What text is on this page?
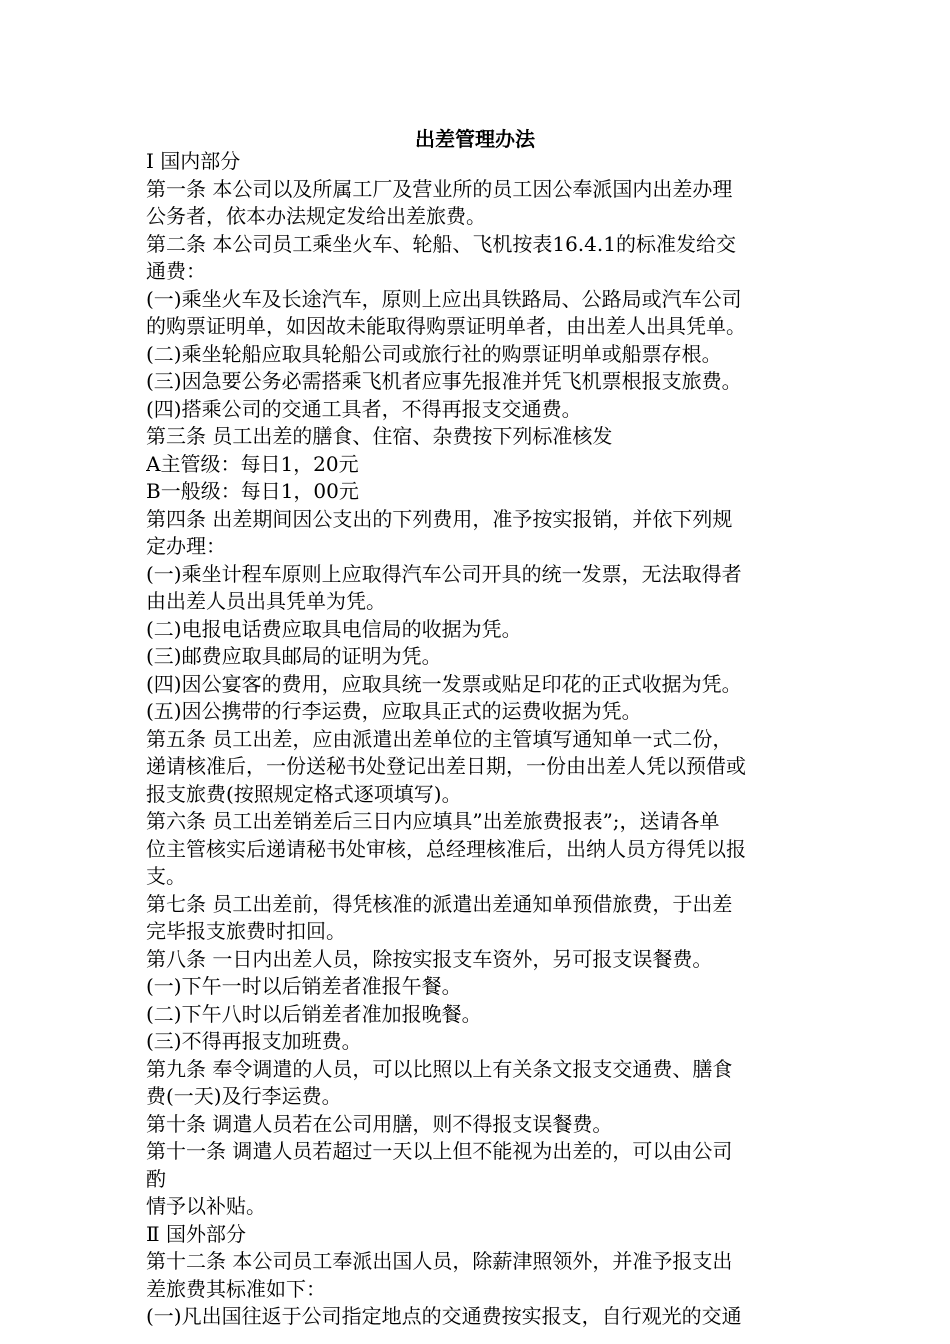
出差管理办法
Ⅰ 国内部分
第一条 本公司以及所属工厂及营业所的员工因公奉派国内出差办理
公务者，依本办法规定发给出差旅费。
第二条 本公司员工乘坐火车、轮船、飞机按表16.4.1的标准发给交
通费：
(一)乘坐火车及长途汽车，原则上应出具铁路局、公路局或汽车公司
的购票证明单，如因故未能取得购票证明单者，由出差人出具凭单。
(二)乘坐轮船应取具轮船公司或旅行社的购票证明单或船票存根。
(三)因急要公务必需搭乘飞机者应事先报准并凭飞机票根报支旅费。
(四)搭乘公司的交通工具者，不得再报支交通费。
第三条 员工出差的膳食、住宿、杂费按下列标准核发
A主管级：每日1，20元
B一般级：每日1，00元
第四条 出差期间因公支出的下列费用，准予按实报销，并依下列规
定办理：
(一)乘坐计程车原则上应取得汽车公司开具的统一发票，无法取得者
由出差人员出具凭单为凭。
(二)电报电话费应取具电信局的收据为凭。
(三)邮费应取具邮局的证明为凭。
(四)因公宴客的费用，应取具统一发票或贴足印花的正式收据为凭。
(五)因公携带的行李运费，应取具正式的运费收据为凭。
第五条 员工出差，应由派遣出差单位的主管填写通知单一式二份，
递请核准后，一份送秘书处登记出差日期，一份由出差人凭以预借或
报支旅费(按照规定格式逐项填写)。
第六条 员工出差销差后三日内应填具”出差旅费报表”;，送请各单
位主管核实后递请秘书处审核，总经理核准后，出纳人员方得凭以报
支。
第七条 员工出差前，得凭核准的派遣出差通知单预借旅费，于出差
完毕报支旅费时扣回。
第八条 一日内出差人员，除按实报支车资外，另可报支误餐费。
(一)下午一时以后销差者准报午餐。
(二)下午八时以后销差者准加报晚餐。
(三)不得再报支加班费。
第九条 奉令调遣的人员，可以比照以上有关条文报支交通费、膳食
费(一天)及行李运费。
第十条 调遣人员若在公司用膳，则不得报支误餐费。
第十一条 调遣人员若超过一天以上但不能视为出差的，可以由公司
酌
情予以补贴。
Ⅱ 国外部分
第十二条 本公司员工奉派出国人员，除薪津照领外，并准予报支出
差旅费其标准如下：
(一)凡出国往返于公司指定地点的交通费按实报支，自行观光的交通
